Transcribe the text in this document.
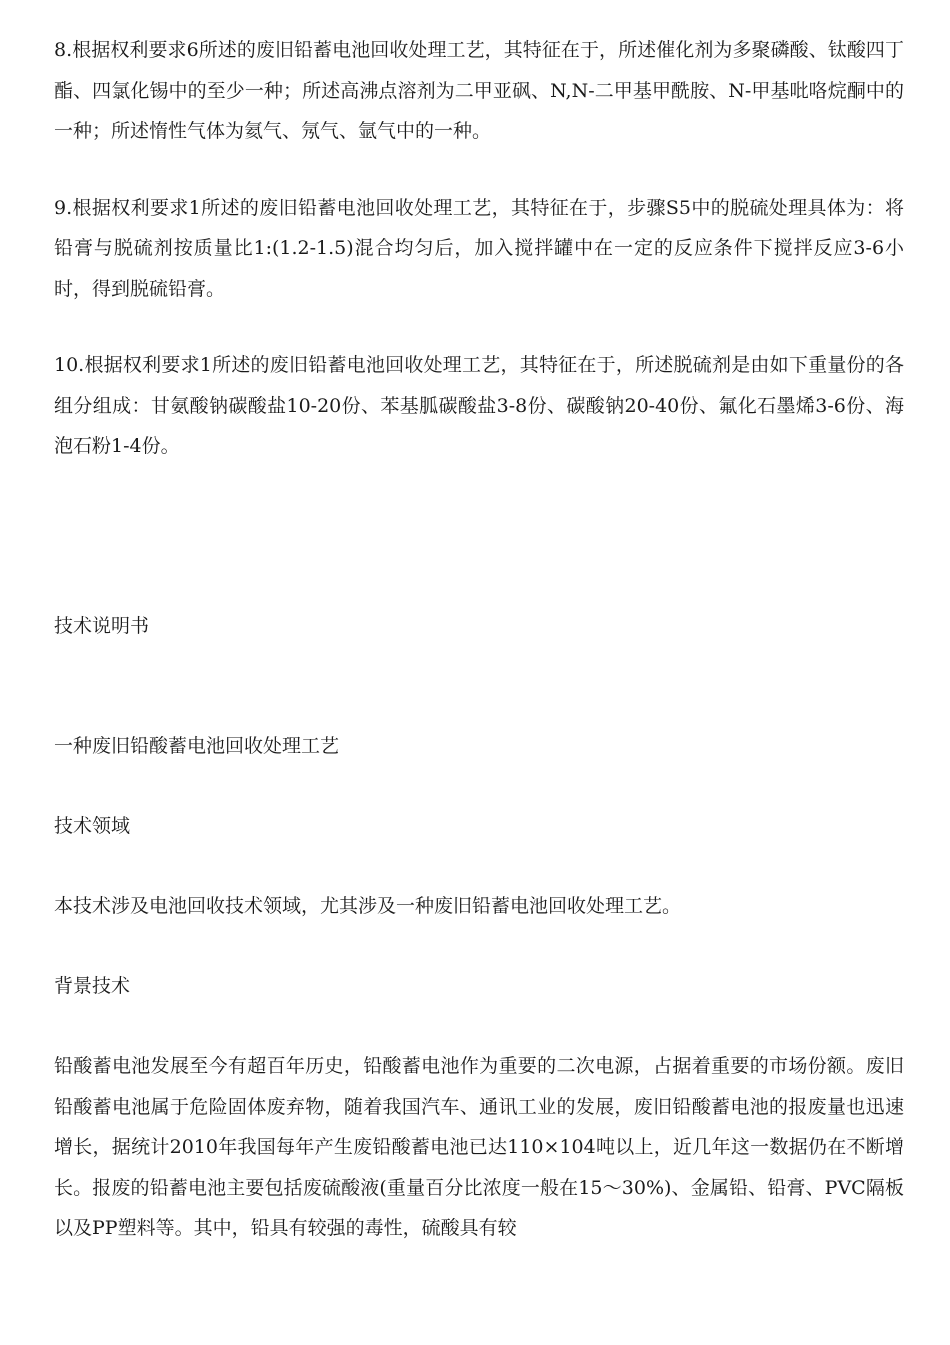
8.根据权利要求6所述的废旧铅蓄电池回收处理工艺，其特征在于，所述催化剂为多聚磷酸、钛酸四丁酯、四氯化锡中的至少一种；所述高沸点溶剂为二甲亚砜、N,N-二甲基甲酰胺、N-甲基吡咯烷酮中的一种；所述惰性气体为氦气、氖气、氩气中的一种。

9.根据权利要求1所述的废旧铅蓄电池回收处理工艺，其特征在于，步骤S5中的脱硫处理具体为：将铅膏与脱硫剂按质量比1:(1.2-1.5)混合均匀后，加入搅拌罐中在一定的反应条件下搅拌反应3-6小时，得到脱硫铅膏。

10.根据权利要求1所述的废旧铅蓄电池回收处理工艺，其特征在于，所述脱硫剂是由如下重量份的各组分组成：甘氨酸钠碳酸盐10-20份、苯基胍碳酸盐3-8份、碳酸钠20-40份、氟化石墨烯3-6份、海泡石粉1-4份。

技术说明书

一种废旧铅酸蓄电池回收处理工艺

技术领域

本技术涉及电池回收技术领域，尤其涉及一种废旧铅蓄电池回收处理工艺。

背景技术

铅酸蓄电池发展至今有超百年历史，铅酸蓄电池作为重要的二次电源，占据着重要的市场份额。废旧铅酸蓄电池属于危险固体废弃物，随着我国汽车、通讯工业的发展，废旧铅酸蓄电池的报废量也迅速增长，据统计2010年我国每年产生废铅酸蓄电池已达110×104吨以上，近几年这一数据仍在不断增长。报废的铅蓄电池主要包括废硫酸液(重量百分比浓度一般在15～30%)、金属铅、铅膏、PVC隔板以及PP塑料等。其中，铅具有较强的毒性，硫酸具有较
